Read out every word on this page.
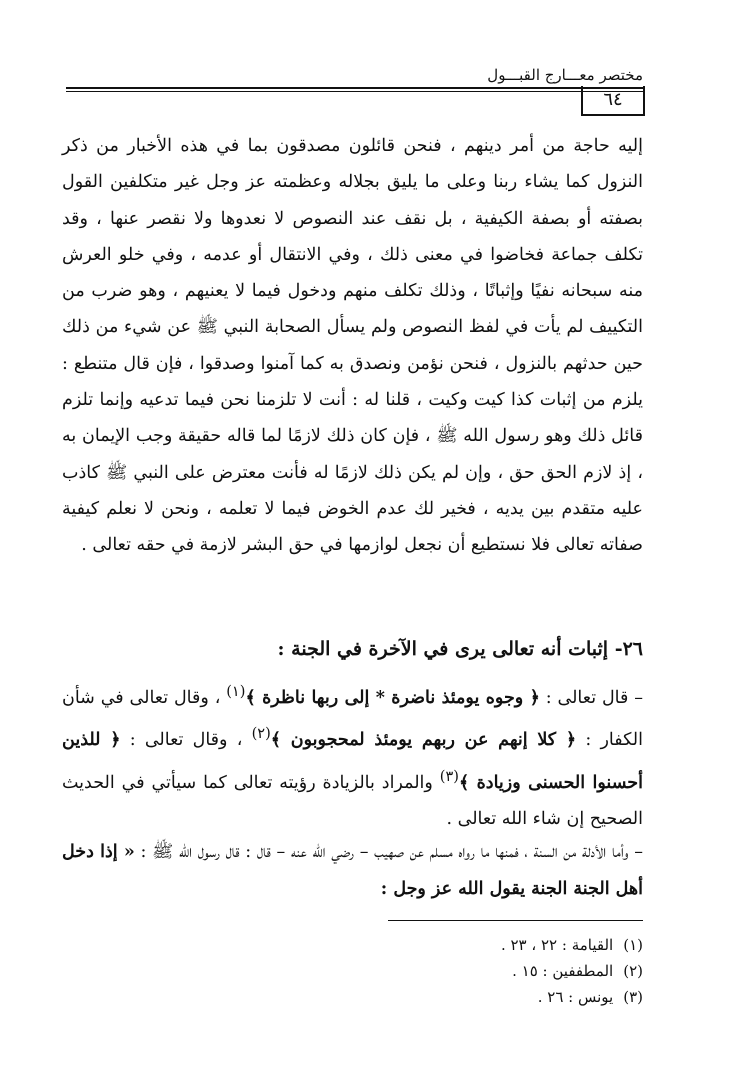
مختصر معـــارج القبـــول
٦٤

إليه حاجة من أمر دينهم ، فنحن قائلون مصدقون بما في هذه الأخبار من ذكر النزول كما يشاء ربنا وعلى ما يليق بجلاله وعظمته عز وجل غير متكلفين القول بصفته أو بصفة الكيفية ، بل نقف عند النصوص لا نعدوها ولا نقصر عنها ، وقد تكلف جماعة فخاضوا في معنى ذلك ، وفي الانتقال أو عدمه ، وفي خلو العرش منه سبحانه نفيًا وإثباتًا ، وذلك تكلف منهم ودخول فيما لا يعنيهم ، وهو ضرب من التكييف لم يأت في لفظ النصوص ولم يسأل الصحابة النبي ﷺ عن شيء من ذلك حين حدثهم بالنزول ، فنحن نؤمن ونصدق به كما آمنوا وصدقوا ، فإن قال متنطع : يلزم من إثبات كذا كيت وكيت ، قلنا له : أنت لا تلزمنا نحن فيما تدعيه وإنما تلزم قائل ذلك وهو رسول الله ﷺ ، فإن كان ذلك لازمًا لما قاله حقيقة وجب الإيمان به ، إذ لازم الحق حق ، وإن لم يكن ذلك لازمًا له فأنت معترض على النبي ﷺ كاذب عليه متقدم بين يديه ، فخير لك عدم الخوض فيما لا تعلمه ، ونحن لا نعلم كيفية صفاته تعالى فلا نستطيع أن نجعل لوازمها في حق البشر لازمة في حقه تعالى .

٢٦- إثبات أنه تعالى يرى في الآخرة في الجنة :

– قال تعالى : ﴿ وجوه يومئذ ناضرة * إلى ربها ناظرة ﴾$^{(١)}$ ، وقال تعالى في شأن الكفار : ﴿ كلا إنهم عن ربهم يومئذ لمحجوبون ﴾$^{(٢)}$ ، وقال تعالى : ﴿ للذين أحسنوا الحسنى وزيادة ﴾$^{(٣)}$ والمراد بالزيادة رؤيته تعالى كما سيأتي في الحديث الصحيح إن شاء الله تعالى .

– وأما الأدلة من السنة ، فمنها ما رواه مسلم عن صهيب – رضي الله عنه – قال : قال رسول الله ﷺ : « إذا دخل أهل الجنة الجنة يقول الله عز وجل :

(١)القيامة : ٢٢ ، ٢٣ .
(٢)المطففين : ١٥ .
(٣)يونس : ٢٦ .
